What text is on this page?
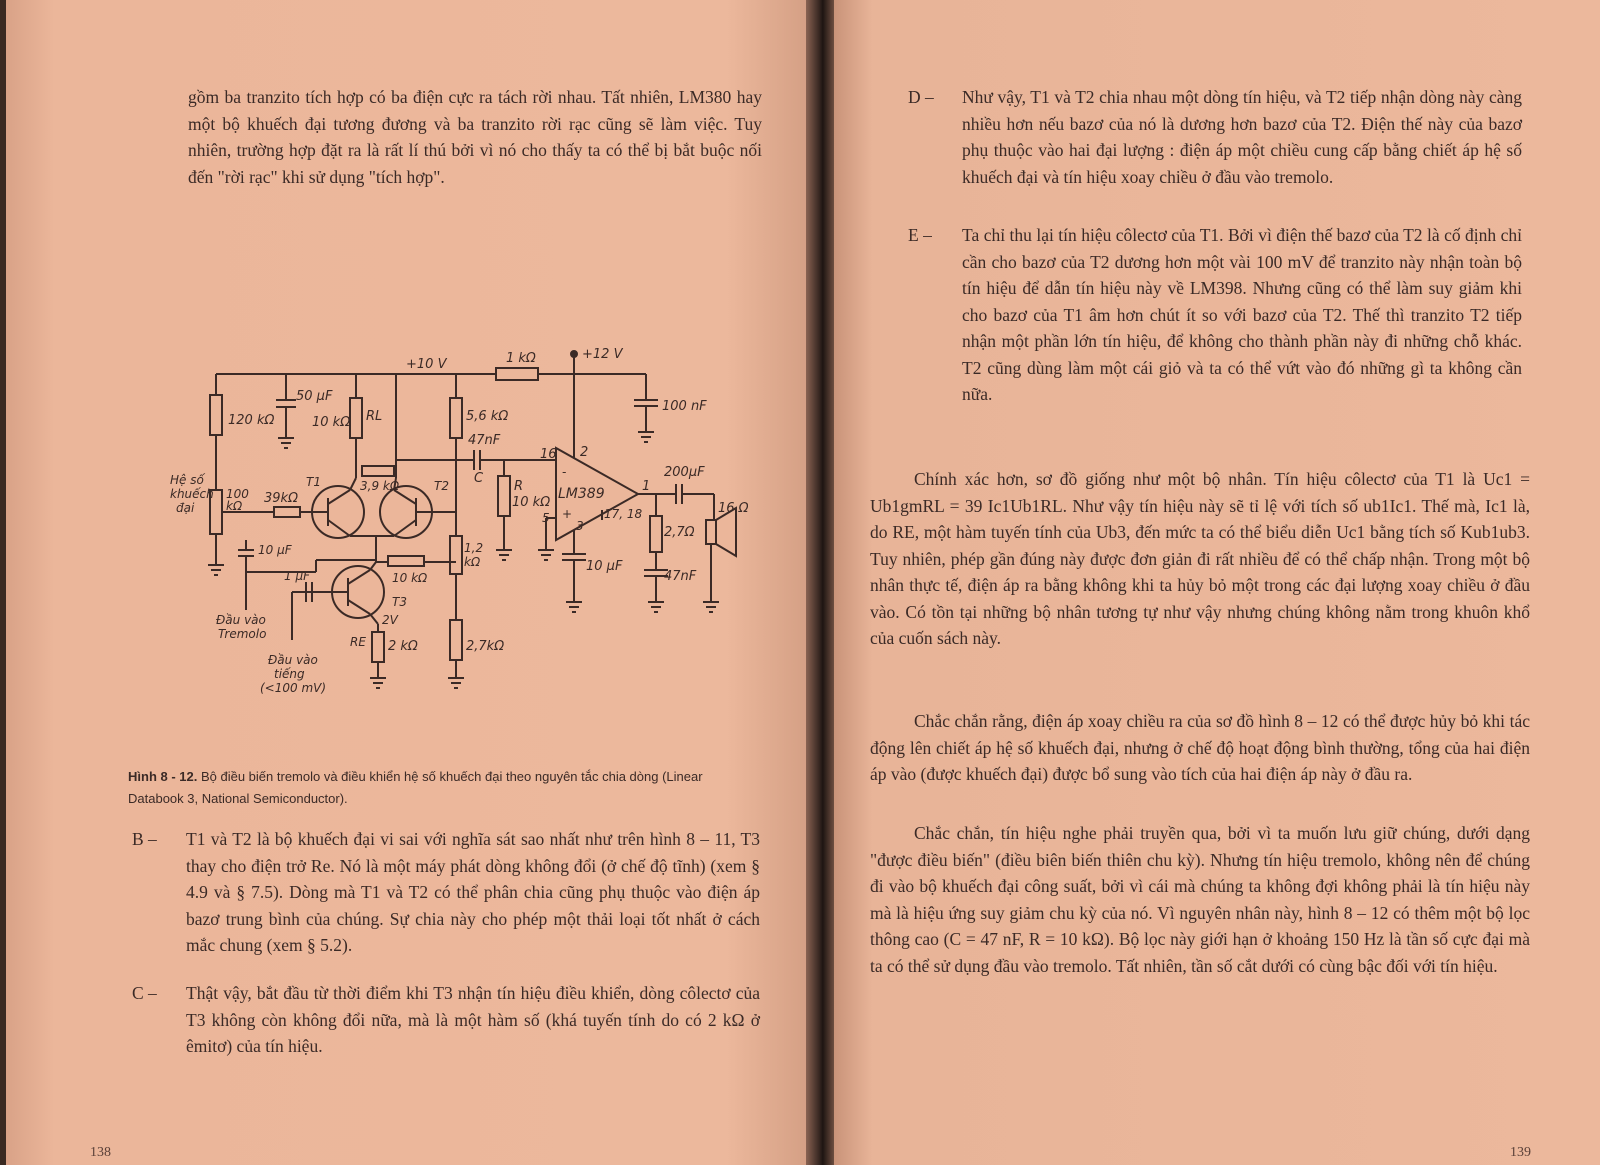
gồm ba tranzito tích hợp có ba điện cực ra tách rời nhau. Tất nhiên, LM380 hay một bộ khuếch đại tương đương và ba tranzito rời rạc cũng sẽ làm việc. Tuy nhiên, trường hợp đặt ra là rất lí thú bởi vì nó cho thấy ta có thể bị bắt buộc nối đến "rời rạc" khi sử dụng "tích hợp".

+10 V	1 kΩ	+12 V
50 μF
100 nF
120 kΩ	10 kΩ RL	5,6 kΩ
47nF
16 2
C
R
10 kΩ
LM389	1
200μF
16 Ω
Hệ số
khuếch
đại
100
kΩ 39kΩ
T1	T2
3,9 kΩ
5
3
17, 18
2,7Ω
10 μF	1,2
kΩ	10 μF
47nF
1 μF	10 kΩ
T3
2V
Đầu vào
Tremolo
RE 2 kΩ	2,7kΩ
Đầu vào
tiếng
(<100 mV)
-
+
Hình 8 - 12. Bộ điều biến tremolo và điều khiển hệ số khuếch đại theo nguyên tắc chia dòng (Linear Databook 3, National Semiconductor).
B – T1 và T2 là bộ khuếch đại vi sai với nghĩa sát sao nhất như trên hình 8 – 11, T3 thay cho điện trở Re. Nó là một máy phát dòng không đổi (ở chế độ tĩnh) (xem § 4.9 và § 7.5). Dòng mà T1 và T2 có thể phân chia cũng phụ thuộc vào điện áp bazơ trung bình của chúng. Sự chia này cho phép một thải loại tốt nhất ở cách mắc chung (xem § 5.2).

C – Thật vậy, bắt đầu từ thời điểm khi T3 nhận tín hiệu điều khiển, dòng côlectơ của T3 không còn không đổi nữa, mà là một hàm số (khá tuyến tính do có 2 kΩ ở êmitơ) của tín hiệu.

138
D – Như vậy, T1 và T2 chia nhau một dòng tín hiệu, và T2 tiếp nhận dòng này càng nhiều hơn nếu bazơ của nó là dương hơn bazơ của T2. Điện thế này của bazơ phụ thuộc vào hai đại lượng : điện áp một chiều cung cấp bằng chiết áp hệ số khuếch đại và tín hiệu xoay chiều ở đầu vào tremolo.

E – Ta chỉ thu lại tín hiệu côlectơ của T1. Bởi vì điện thế bazơ của T2 là cố định chỉ cần cho bazơ của T2 dương hơn một vài 100 mV để tranzito này nhận toàn bộ tín hiệu để dẫn tín hiệu này về LM398. Nhưng cũng có thể làm suy giảm khi cho bazơ của T1 âm hơn chút ít so với bazơ của T2. Thế thì tranzito T2 tiếp nhận một phần lớn tín hiệu, để không cho thành phần này đi những chỗ khác. T2 cũng dùng làm một cái giỏ và ta có thể vứt vào đó những gì ta không cần nữa.

Chính xác hơn, sơ đồ giống như một bộ nhân. Tín hiệu côlectơ của T1 là Uc1 = Ub1gmRL = 39 Ic1Ub1RL. Như vậy tín hiệu này sẽ tỉ lệ với tích số ub1Ic1. Thế mà, Ic1 là, do RE, một hàm tuyến tính của Ub3, đến mức ta có thể biểu diễn Uc1 bằng tích số Kub1ub3. Tuy nhiên, phép gần đúng này được đơn giản đi rất nhiều để có thể chấp nhận. Trong một bộ nhân thực tế, điện áp ra bằng không khi ta hủy bỏ một trong các đại lượng xoay chiều ở đầu vào. Có tồn tại những bộ nhân tương tự như vậy nhưng chúng không nằm trong khuôn khổ của cuốn sách này.

Chắc chắn rằng, điện áp xoay chiều ra của sơ đồ hình 8 – 12 có thể được hủy bỏ khi tác động lên chiết áp hệ số khuếch đại, nhưng ở chế độ hoạt động bình thường, tổng của hai điện áp vào (được khuếch đại) được bổ sung vào tích của hai điện áp này ở đầu ra.

Chắc chắn, tín hiệu nghe phải truyền qua, bởi vì ta muốn lưu giữ chúng, dưới dạng "được điều biến" (điều biên biến thiên chu kỳ). Nhưng tín hiệu tremolo, không nên để chúng đi vào bộ khuếch đại công suất, bởi vì cái mà chúng ta không đợi không phải là tín hiệu này mà là hiệu ứng suy giảm chu kỳ của nó. Vì nguyên nhân này, hình 8 – 12 có thêm một bộ lọc thông cao (C = 47 nF, R = 10 kΩ). Bộ lọc này giới hạn ở khoảng 150 Hz là tần số cực đại mà ta có thể sử dụng đầu vào tremolo. Tất nhiên, tần số cắt dưới có cùng bậc đối với tín hiệu.

139
